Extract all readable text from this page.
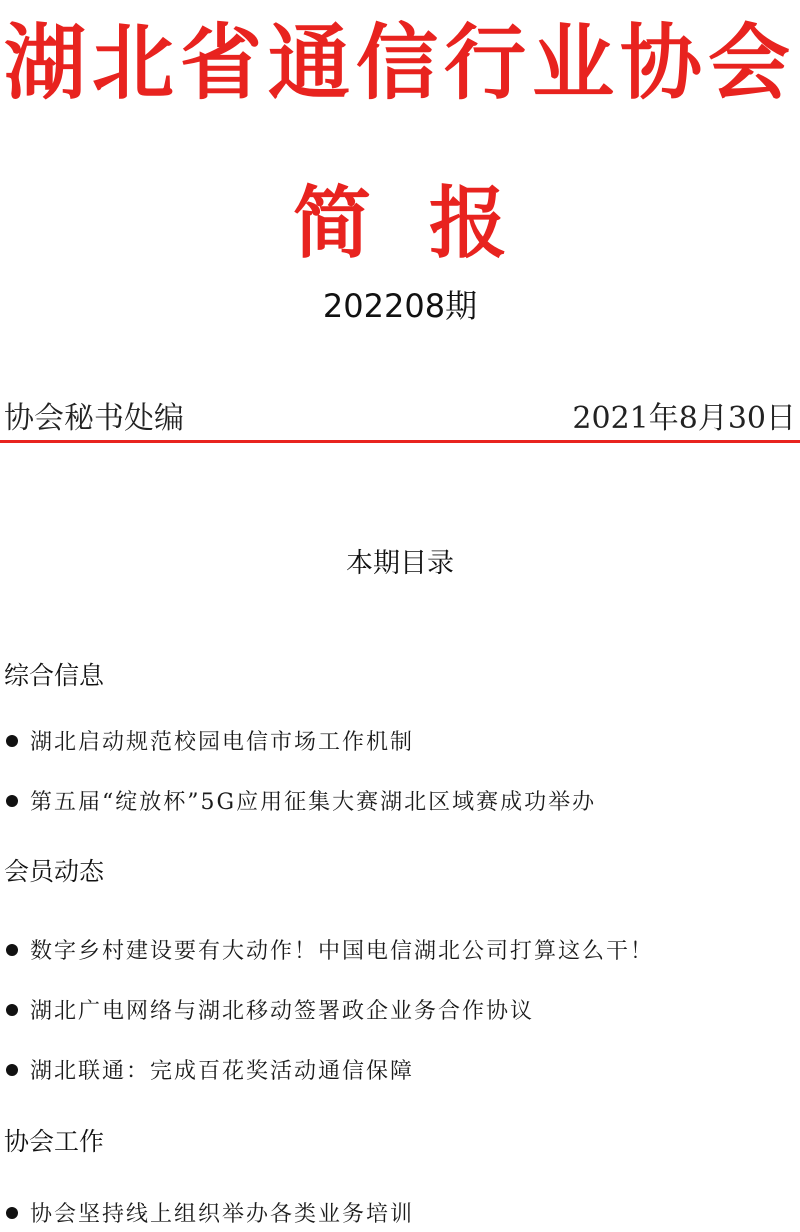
湖北省通信行业协会
简报
202208期
协会秘书处编	2021年8月30日
本期目录
综合信息
湖北启动规范校园电信市场工作机制
第五届“绽放杯”5G应用征集大赛湖北区域赛成功举办
会员动态
数字乡村建设要有大动作！中国电信湖北公司打算这么干！
湖北广电网络与湖北移动签署政企业务合作协议
湖北联通：完成百花奖活动通信保障
协会工作
协会坚持线上组织举办各类业务培训
